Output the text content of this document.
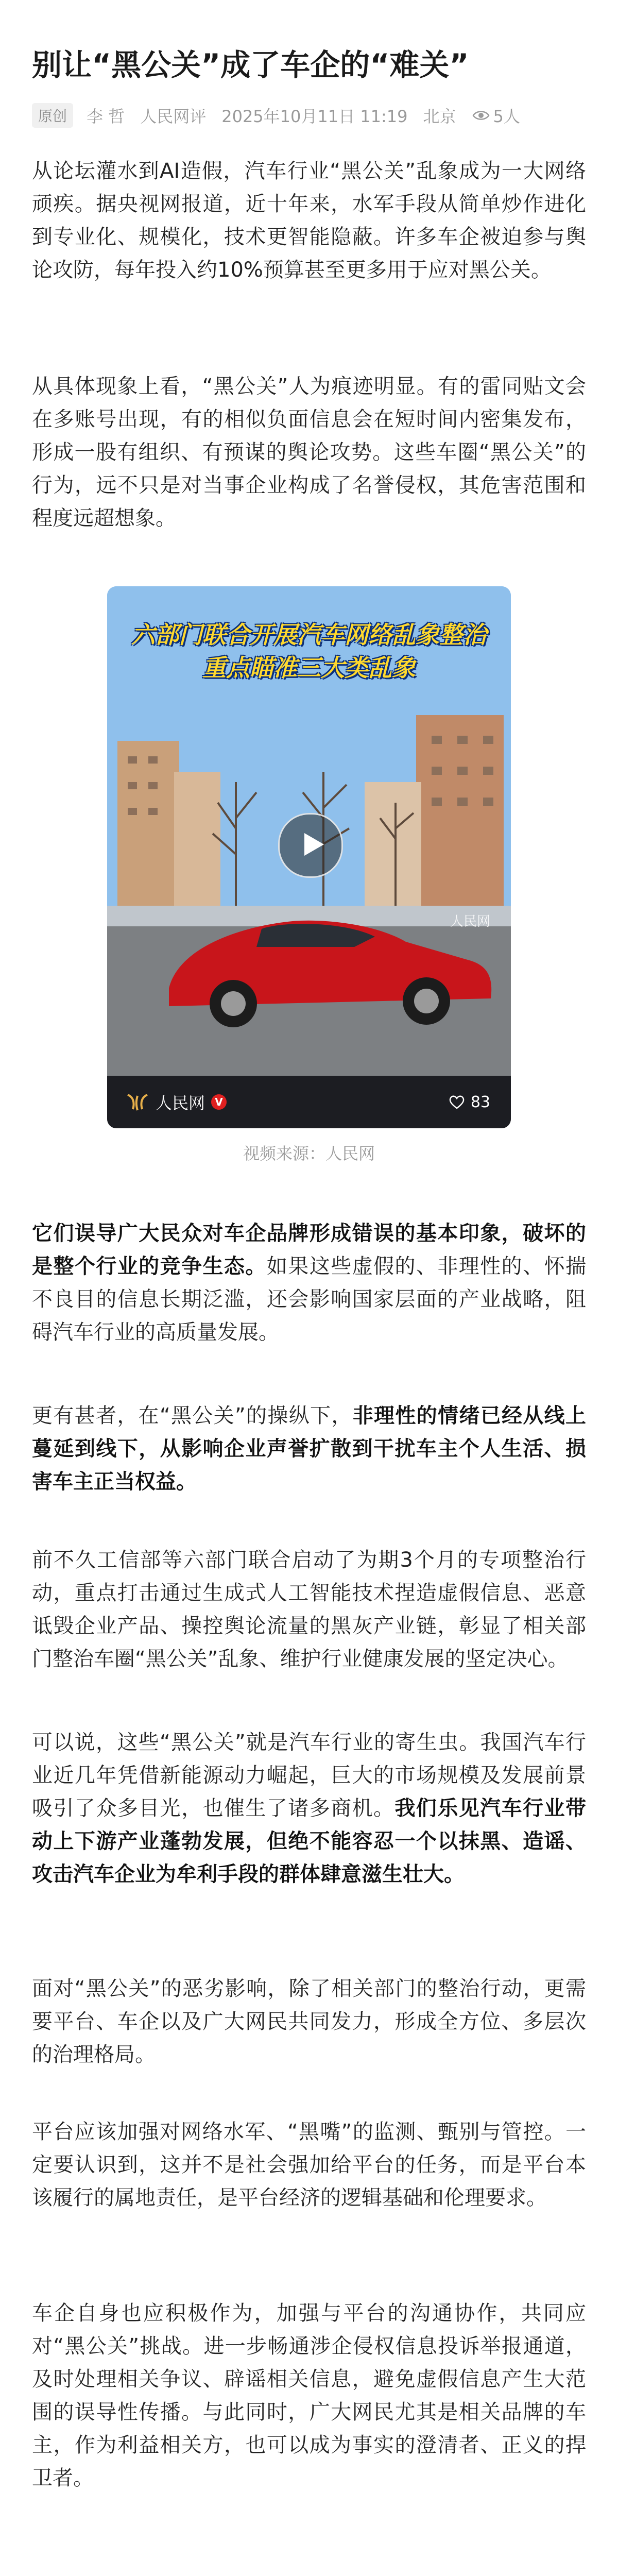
别让“黑公关”成了车企的“难关”
原创	李 哲 人民网评 2025年10月11日 11:19 北京 5人

从论坛灌水到AI造假，汽车行业“黑公关”乱象成为一大网络顽疾。据央视网报道，近十年来，水军手段从简单炒作进化到专业化、规模化，技术更智能隐蔽。许多车企被迫参与舆论攻防，每年投入约10%预算甚至更多用于应对黑公关。

从具体现象上看，“黑公关”人为痕迹明显。有的雷同贴文会在多账号出现，有的相似负面信息会在短时间内密集发布，形成一股有组织、有预谋的舆论攻势。这些车圈“黑公关”的行为，远不只是对当事企业构成了名誉侵权，其危害范围和程度远超想象。

六部门联合开展汽车网络乱象整治
重点瞄准三大类乱象
人民网
人民网 V	83

视频来源：人民网

它们误导广大民众对车企品牌形成错误的基本印象，破坏的是整个行业的竞争生态。如果这些虚假的、非理性的、怀揣不良目的信息长期泛滥，还会影响国家层面的产业战略，阻碍汽车行业的高质量发展。

更有甚者，在“黑公关”的操纵下，非理性的情绪已经从线上蔓延到线下，从影响企业声誉扩散到干扰车主个人生活、损害车主正当权益。

前不久工信部等六部门联合启动了为期3个月的专项整治行动，重点打击通过生成式人工智能技术捏造虚假信息、恶意诋毁企业产品、操控舆论流量的黑灰产业链，彰显了相关部门整治车圈“黑公关”乱象、维护行业健康发展的坚定决心。

可以说，这些“黑公关”就是汽车行业的寄生虫。我国汽车行业近几年凭借新能源动力崛起，巨大的市场规模及发展前景吸引了众多目光，也催生了诸多商机。我们乐见汽车行业带动上下游产业蓬勃发展，但绝不能容忍一个以抹黑、造谣、攻击汽车企业为牟利手段的群体肆意滋生壮大。

面对“黑公关”的恶劣影响，除了相关部门的整治行动，更需要平台、车企以及广大网民共同发力，形成全方位、多层次的治理格局。

平台应该加强对网络水军、“黑嘴”的监测、甄别与管控。一定要认识到，这并不是社会强加给平台的任务，而是平台本该履行的属地责任，是平台经济的逻辑基础和伦理要求。

车企自身也应积极作为，加强与平台的沟通协作，共同应对“黑公关”挑战。进一步畅通涉企侵权信息投诉举报通道，及时处理相关争议、辟谣相关信息，避免虚假信息产生大范围的误导性传播。与此同时，广大网民尤其是相关品牌的车主，作为利益相关方，也可以成为事实的澄清者、正义的捍卫者。
